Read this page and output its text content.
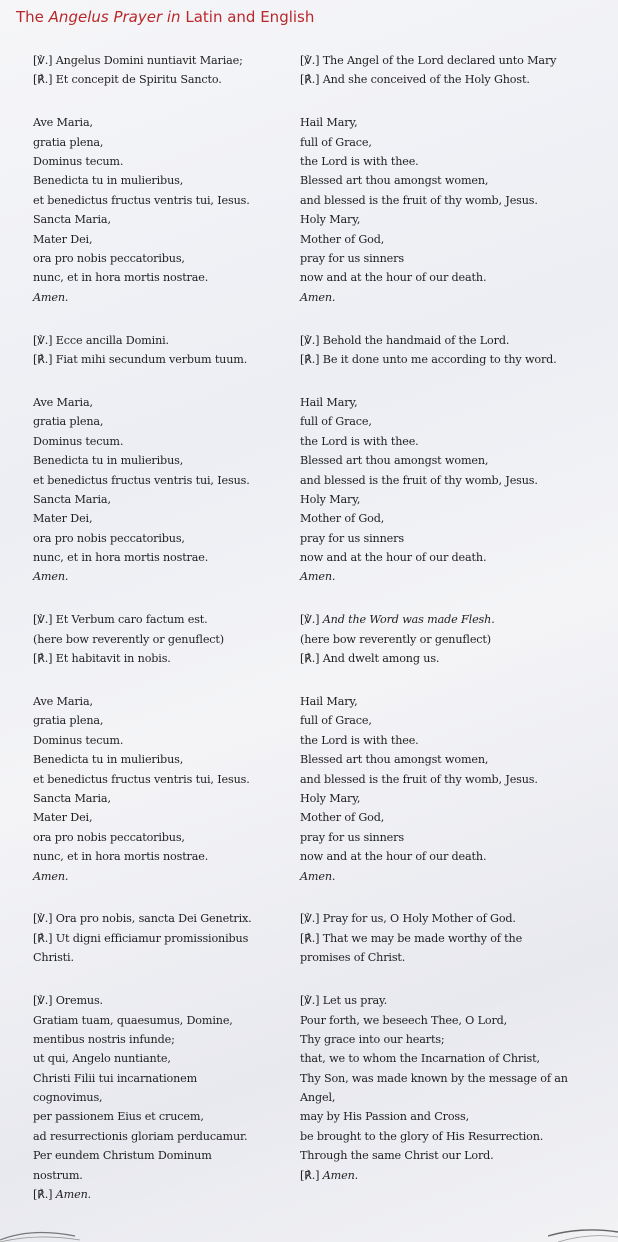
The Angelus Prayer in Latin and English
[℣.] Angelus Domini nuntiavit Mariae;
[℟.] Et concepit de Spiritu Sancto.
Ave Maria,
gratia plena,
Dominus tecum.
Benedicta tu in mulieribus,
et benedictus fructus ventris tui, Iesus.
Sancta Maria,
Mater Dei,
ora pro nobis peccatoribus,
nunc, et in hora mortis nostrae.
Amen.
[℣.] Ecce ancilla Domini.
[℟.] Fiat mihi secundum verbum tuum.
Ave Maria,
gratia plena,
Dominus tecum.
Benedicta tu in mulieribus,
et benedictus fructus ventris tui, Iesus.
Sancta Maria,
Mater Dei,
ora pro nobis peccatoribus,
nunc, et in hora mortis nostrae.
Amen.
[℣.] Et Verbum caro factum est.
(here bow reverently or genuflect)
[℟.] Et habitavit in nobis.
Ave Maria,
gratia plena,
Dominus tecum.
Benedicta tu in mulieribus,
et benedictus fructus ventris tui, Iesus.
Sancta Maria,
Mater Dei,
ora pro nobis peccatoribus,
nunc, et in hora mortis nostrae.
Amen.
[℣.] Ora pro nobis, sancta Dei Genetrix.
[℟.] Ut digni efficiamur promissionibus
Christi.
[℣.] Oremus.
Gratiam tuam, quaesumus, Domine,
mentibus nostris infunde;
ut qui, Angelo nuntiante,
Christi Filii tui incarnationem
cognovimus,
per passionem Eius et crucem,
ad resurrectionis gloriam perducamur.
Per eundem Christum Dominum
nostrum.
[℟.] Amen.
[℣.] The Angel of the Lord declared unto Mary
[℟.] And she conceived of the Holy Ghost.
Hail Mary,
full of Grace,
the Lord is with thee.
Blessed art thou amongst women,
and blessed is the fruit of thy womb, Jesus.
Holy Mary,
Mother of God,
pray for us sinners
now and at the hour of our death.
Amen.
[℣.] Behold the handmaid of the Lord.
[℟.] Be it done unto me according to thy word.
Hail Mary,
full of Grace,
the Lord is with thee.
Blessed art thou amongst women,
and blessed is the fruit of thy womb, Jesus.
Holy Mary,
Mother of God,
pray for us sinners
now and at the hour of our death.
Amen.
[℣.] And the Word was made Flesh.
(here bow reverently or genuflect)
[℟.] And dwelt among us.
Hail Mary,
full of Grace,
the Lord is with thee.
Blessed art thou amongst women,
and blessed is the fruit of thy womb, Jesus.
Holy Mary,
Mother of God,
pray for us sinners
now and at the hour of our death.
Amen.
[℣.] Pray for us, O Holy Mother of God.
[℟.] That we may be made worthy of the
promises of Christ.
[℣.] Let us pray.
Pour forth, we beseech Thee, O Lord,
Thy grace into our hearts;
that, we to whom the Incarnation of Christ,
Thy Son, was made known by the message of an
Angel,
may by His Passion and Cross,
be brought to the glory of His Resurrection.
Through the same Christ our Lord.
[℟.] Amen.
